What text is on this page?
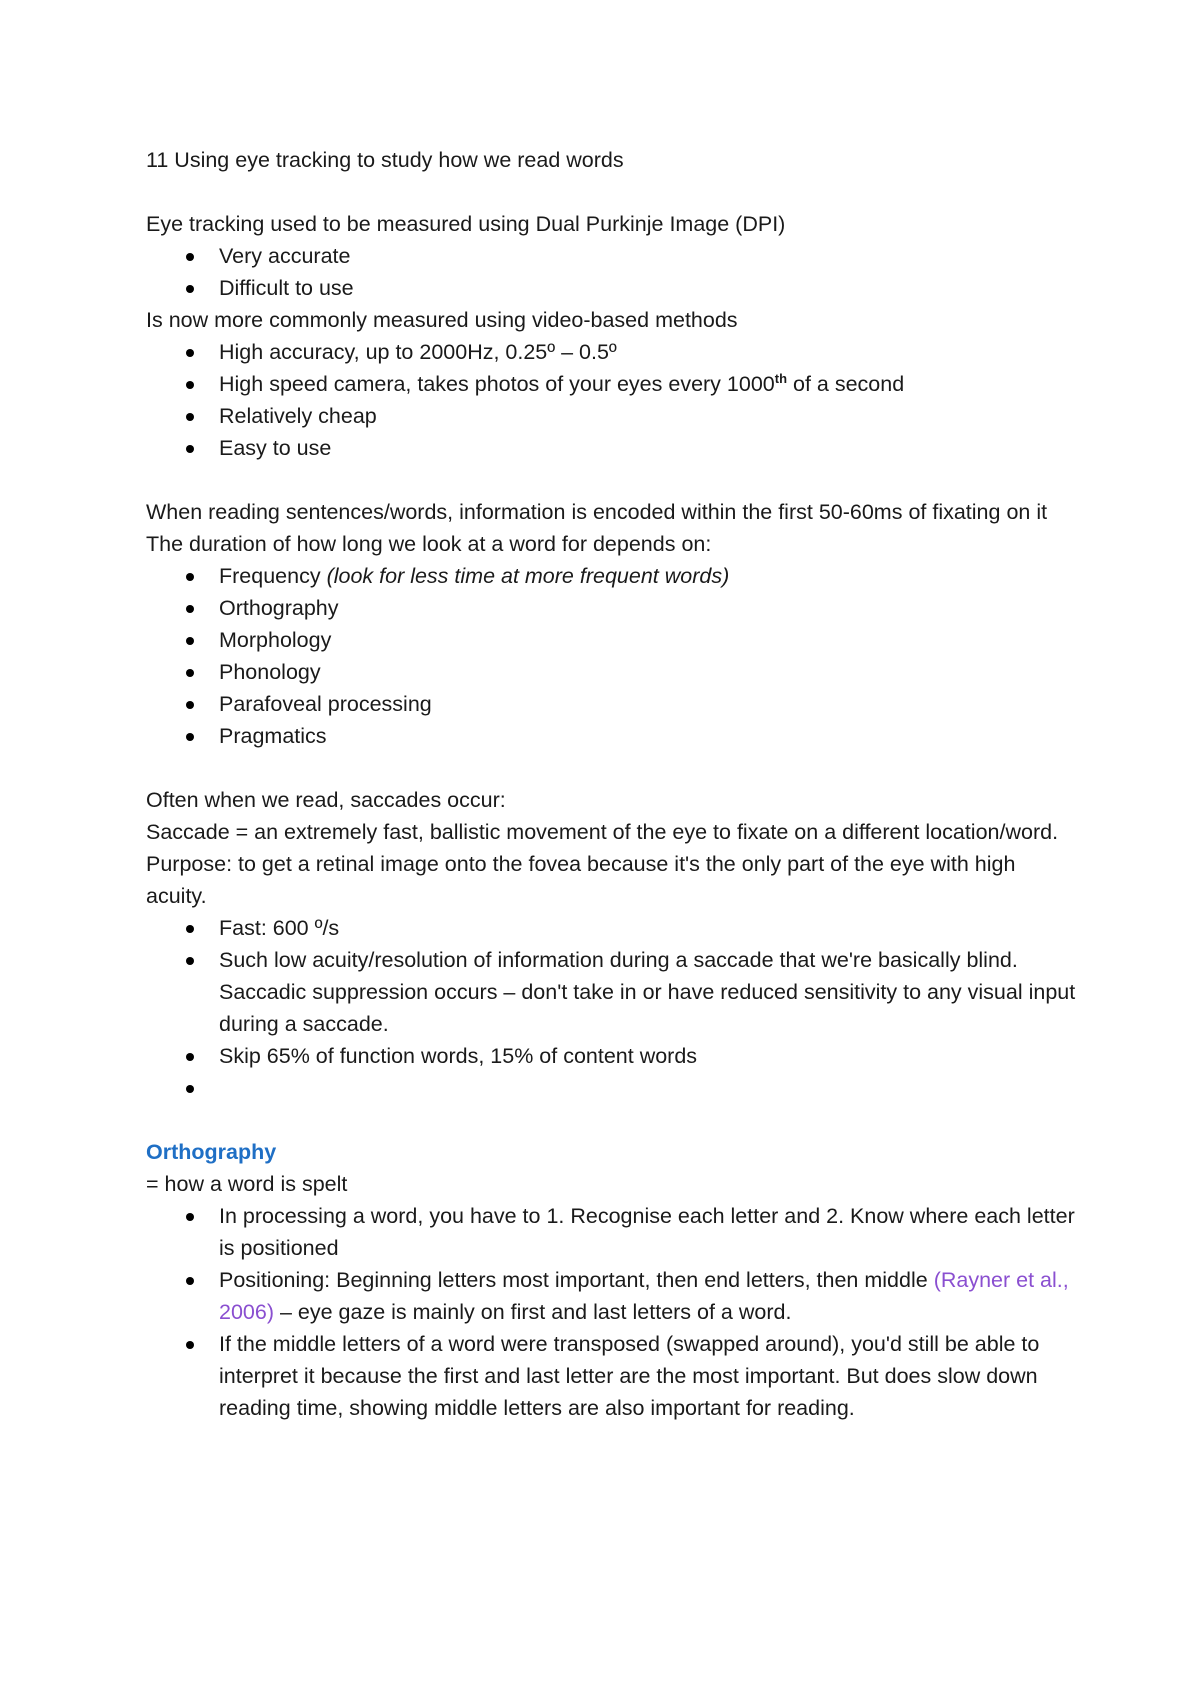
11 Using eye tracking to study how we read words

Eye tracking used to be measured using Dual Purkinje Image (DPI)

Very accurate
Difficult to use

Is now more commonly measured using video-based methods

High accuracy, up to 2000Hz, 0.25º – 0.5º
High speed camera, takes photos of your eyes every 1000th of a second
Relatively cheap
Easy to use

When reading sentences/words, information is encoded within the first 50-60ms of fixating on it

The duration of how long we look at a word for depends on:

Frequency (look for less time at more frequent words)
Orthography
Morphology
Phonology
Parafoveal processing
Pragmatics

Often when we read, saccades occur:

Saccade = an extremely fast, ballistic movement of the eye to fixate on a different location/word.

Purpose: to get a retinal image onto the fovea because it's the only part of the eye with high acuity.

Fast: 600 º/s
Such low acuity/resolution of information during a saccade that we're basically blind. Saccadic suppression occurs – don't take in or have reduced sensitivity to any visual input during a saccade.
Skip 65% of function words, 15% of content words

Orthography

= how a word is spelt

In processing a word, you have to 1. Recognise each letter and 2. Know where each letter is positioned
Positioning: Beginning letters most important, then end letters, then middle (Rayner et al., 2006) – eye gaze is mainly on first and last letters of a word.
If the middle letters of a word were transposed (swapped around), you'd still be able to interpret it because the first and last letter are the most important. But does slow down reading time, showing middle letters are also important for reading.
